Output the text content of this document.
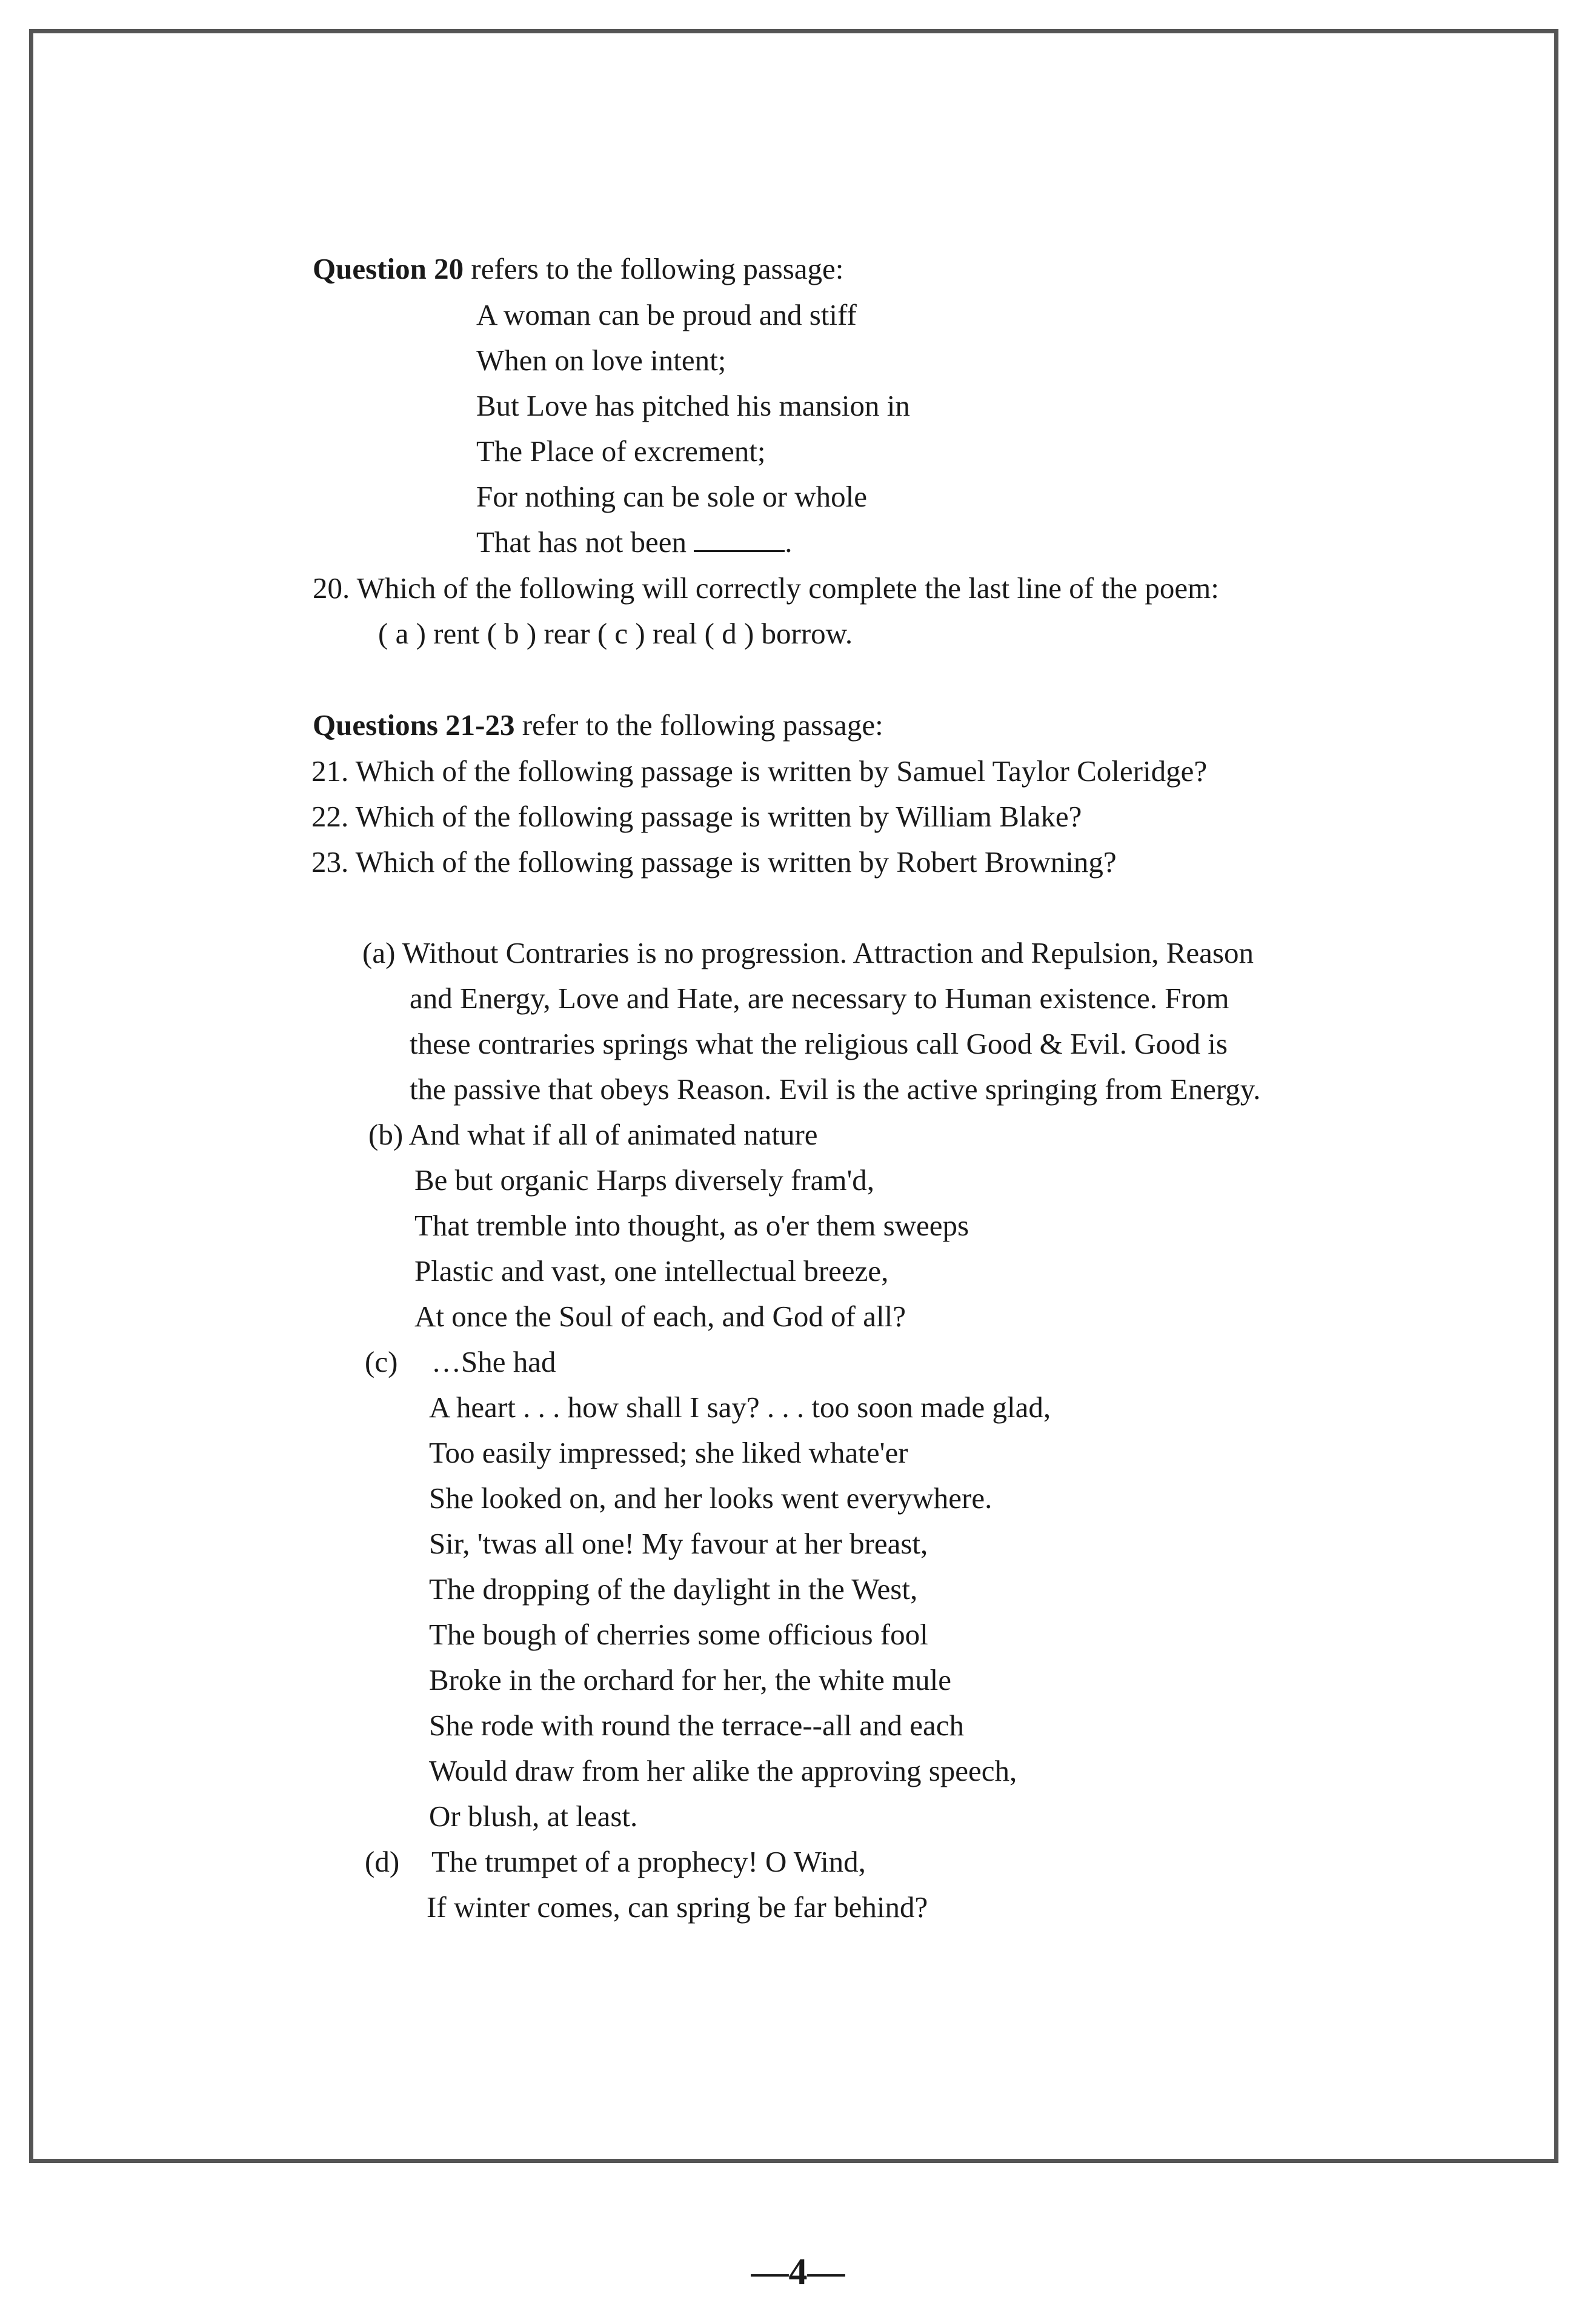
Question 20 refers to the following passage:
A woman can be proud and stiff
When on love intent;
But Love has pitched his mansion in
The Place of excrement;
For nothing can be sole or whole
That has not been	.
20. Which of the following will correctly complete the last line of the poem:
( a ) rent ( b ) rear ( c ) real ( d ) borrow.
Questions 21-23 refer to the following passage:
21. Which of the following passage is written by Samuel Taylor Coleridge?
22. Which of the following passage is written by William Blake?
23. Which of the following passage is written by Robert Browning?
(a) Without Contraries is no progression. Attraction and Repulsion, Reason
and Energy, Love and Hate, are necessary to Human existence. From
these contraries springs what the religious call Good & Evil. Good is
the passive that obeys Reason. Evil is the active springing from Energy.
(b) And what if all of animated nature
Be but organic Harps diversely fram'd,
That tremble into thought, as o'er them sweeps
Plastic and vast, one intellectual breeze,
At once the Soul of each, and God of all?
(c) …She had
A heart . . . how shall I say? . . . too soon made glad,
Too easily impressed; she liked whate'er
She looked on, and her looks went everywhere.
Sir, 'twas all one! My favour at her breast,
The dropping of the daylight in the West,
The bough of cherries some officious fool
Broke in the orchard for her, the white mule
She rode with round the terrace--all and each
Would draw from her alike the approving speech,
Or blush, at least.
(d) The trumpet of a prophecy! O Wind,
If winter comes, can spring be far behind?
—4—
